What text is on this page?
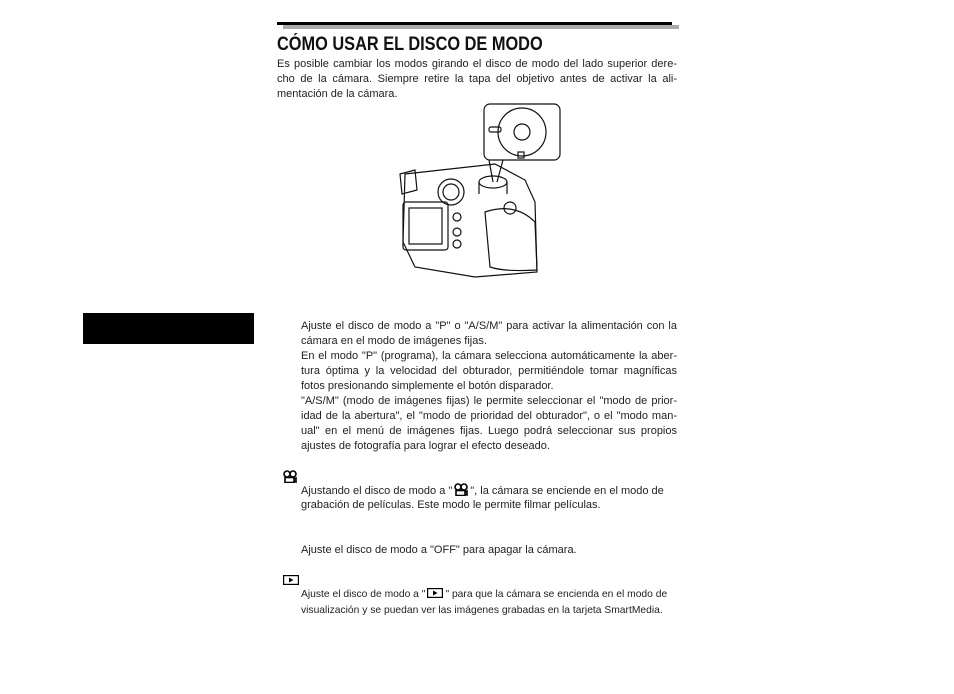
CÓMO USAR EL DISCO DE MODO
Es posible cambiar los modos girando el disco de modo del lado superior dere-
cho de la cámara. Siempre retire la tapa del objetivo antes de activar la ali-
mentación de la cámara.
Ajuste el disco de modo a "P" o "A/S/M" para activar la alimentación con la
cámara en el modo de imágenes fijas.
En el modo "P" (programa), la cámara selecciona automáticamente la aber-
tura óptima y la velocidad del obturador, permitiéndole tomar magníficas
fotos presionando simplemente el botón disparador.
"A/S/M" (modo de imágenes fijas) le permite seleccionar el "modo de prior-
idad de la abertura", el "modo de prioridad del obturador", o el "modo man-
ual" en el menú de imágenes fijas. Luego podrá seleccionar sus propios
ajustes de fotografía para lograr el efecto deseado.
Ajustando el disco de modo a " ", la cámara se enciende en el modo de
grabación de películas. Este modo le permite filmar películas.
Ajuste el disco de modo a "OFF" para apagar la cámara.
Ajuste el disco de modo a " " para que la cámara se encienda en el modo de
visualización y se puedan ver las imágenes grabadas en la tarjeta SmartMedia.
